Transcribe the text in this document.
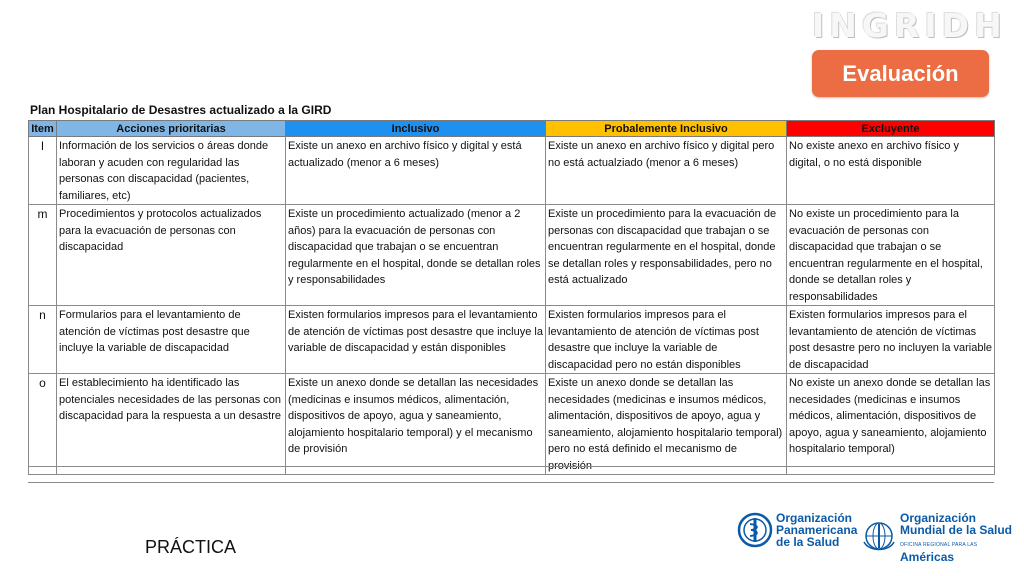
INGRIDH
Evaluación
Plan Hospitalario de Desastres actualizado a la GIRD
Item	Acciones prioritarias	Inclusivo	Probalemente Inclusivo	Excluyente
l	Información de los servicios o áreas donde laboran y acuden con regularidad las personas con discapacidad (pacientes, familiares, etc)	Existe un anexo en archivo físico y digital y está actualizado (menor a 6 meses)	Existe un anexo en archivo físico y digital pero no está actualziado (menor a 6 meses)	No existe anexo en archivo físico y digital, o no está disponible
m	Procedimientos y protocolos actualizados para la evacuación de personas con discapacidad	Existe un procedimiento actualizado (menor a 2 años) para la evacuación de personas con discapacidad que trabajan o se encuentran regularmente en el hospital, donde se detallan roles y responsabilidades	Existe un procedimiento para la evacuación de personas con discapacidad que trabajan o se encuentran regularmente en el hospital, donde se detallan roles y responsabilidades, pero no está actualizado	No existe un procedimiento para la evacuación de personas con discapacidad que trabajan o se encuentran regularmente en el hospital, donde se detallan roles y responsabilidades
n	Formularios para el levantamiento de atención de víctimas post desastre que incluye la variable de discapacidad	Existen formularios impresos para el levantamiento de atención de víctimas post desastre que incluye la variable de discapacidad y están disponibles	Existen formularios impresos para el levantamiento de atención de víctimas post desastre que incluye la variable de discapacidad pero no están disponibles	Existen formularios impresos para el levantamiento de atención de víctimas post desastre pero no incluyen la variable de discapacidad
o	El establecimiento ha identificado las potenciales necesidades de las personas con discapacidad para la respuesta a un desastre	Existe un anexo donde se detallan las necesidades (medicinas e insumos médicos, alimentación, dispositivos de apoyo, agua y saneamiento, alojamiento hospitalario temporal) y el mecanismo de provisión	Existe un anexo donde se detallan las necesidades (medicinas e insumos médicos, alimentación, dispositivos de apoyo, agua y saneamiento, alojamiento hospitalario temporal) pero no está definido el mecanismo de provisión	No existe un anexo donde se detallan las necesidades (medicinas e insumos médicos, alimentación, dispositivos de apoyo, agua y saneamiento, alojamiento hospitalario temporal)
PRÁCTICA
Organización
Panamericana
de la Salud
Organización
Mundial de la Salud
OFICINA REGIONAL PARA LAS Américas
